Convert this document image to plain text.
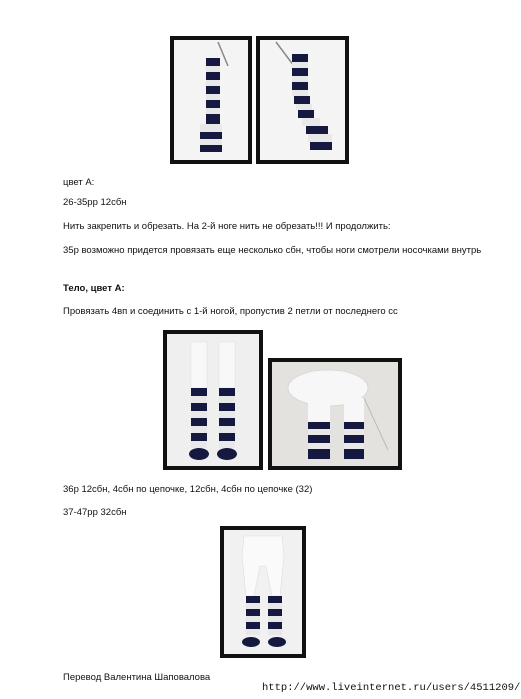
цвет А:
26-35рр 12сбн
Нить закрепить и обрезать. На 2-й ноге нить не обрезать!!! И продолжить:
35р возможно придется провязать еще несколько сбн, чтобы ноги смотрели носочками внутрь
Тело, цвет А:
Провязать 4вп и соединить с 1-й ногой, пропустив 2 петли от последнего сс
36р 12сбн, 4сбн по цепочке, 12сбн, 4сбн по цепочке (32)
37-47рр 32сбн
Перевод Валентина Шаповалова
http://www.liveinternet.ru/users/4511209/
